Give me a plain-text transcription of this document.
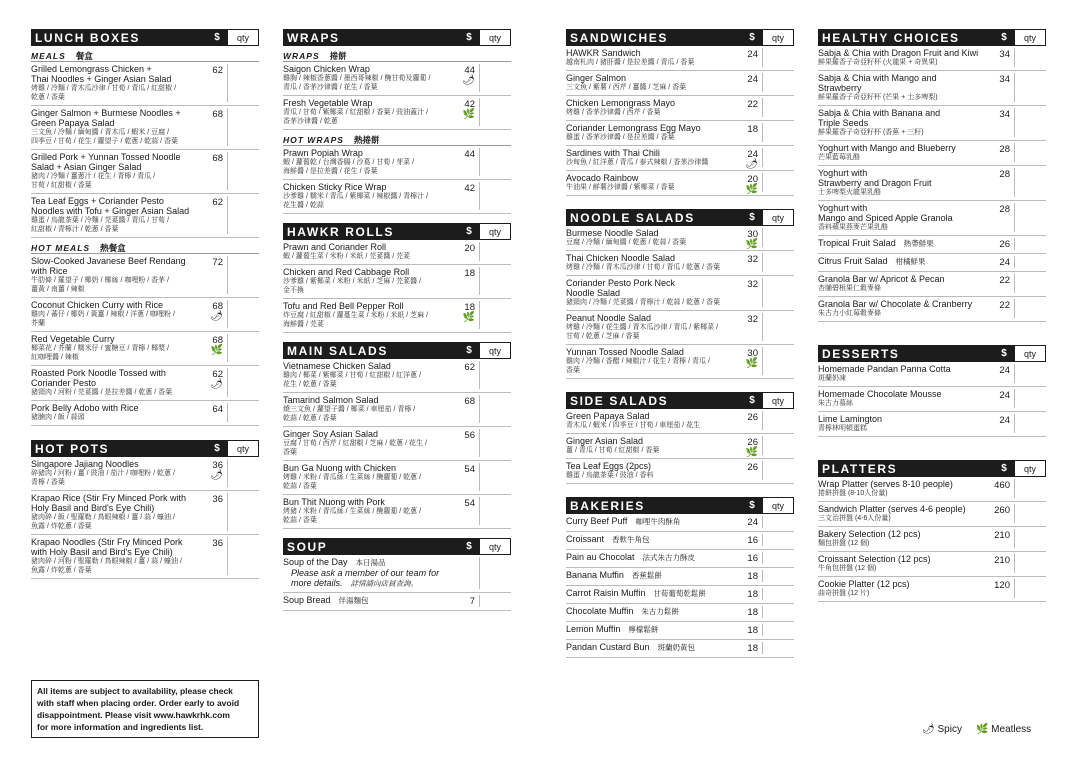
LUNCH BOXES	$	qty
MEALS 餐盒
Grilled Lemongrass Chicken +
Thai Noodles + Ginger Asian Salad
烤雞 / 冷麵 / 青木瓜沙律 / 甘荀 / 青瓜 / 紅甜椒 /
乾蔥 / 香葉
62
Ginger Salmon + Burmese Noodles +
Green Papaya Salad
三文魚 / 冷麵 / 緬甸醬 / 青木瓜 / 蝦米 / 豆腐 /
四季豆 / 甘荀 / 花生 / 蘿望子 / 乾蔥 / 乾蒜 / 香葉
68
Grilled Pork + Yunnan Tossed Noodle
Salad + Asian Ginger Salad
豬肉 / 冷麵 / 薑蔥汁 / 花生 / 青檸 / 青瓜 /
甘荀 / 紅甜椒 / 香葉
68
Tea Leaf Eggs + Coriander Pesto
Noodles with Tofu + Ginger Asian Salad
雞蛋 / 烏龍茶葉 / 冷麵 / 芫荽醬 / 青瓜 / 甘荀 /
紅甜椒 / 青檸汁 / 乾蔥 / 香葉
62
HOT MEALS 熱餐盒
Slow-Cooked Javanese Beef Rendang
with Rice
牛肋條 / 羅望子 / 椰奶 / 椰絲 / 咖哩粉 / 香茅 /
薑黃 / 南薑 / 辣椒
72
Coconut Chicken Curry with Rice
雞肉 / 蕃仔 / 椰奶 / 黃薑 / 辣椒 / 洋蔥 / 咖哩粉 /
芥蘭
68
🌶
Red Vegetable Curry
椰菜花 / 芥蘭 / 糯米仔 / 蜜糖豆 / 青檸 / 椰漿 /
紅咖哩醬 / 辣椒
68
🌿
Roasted Pork Noodle Tossed with
Coriander Pesto
豬頸肉 / 河粉 / 芫荽醬 / 是拉差醬 / 乾蔥 / 香葉
62
🌶
Pork Belly Adobo with Rice
豬腩肉 / 飯 / 蒜頭
64
HOT POTS	$	qty
Singapore Jajiang Noodles
碎豬肉 / 河粉 / 薑 / 豉油 / 茄汁 / 咖哩粉 / 乾蔥 /
青檸 / 香葉
36
🌶
Krapao Rice (Stir Fry Minced Pork with
Holy Basil and Bird's Eye Chili)
豬肉碎 / 飯 / 聖羅勒 / 鳥眼辣椒 / 薑 / 蒜 / 蠔油 /
魚露 / 炸乾蔥 / 香葉
36
Krapao Noodles (Stir Fry Minced Pork
with Holy Basil and Bird's Eye Chili)
豬肉碎 / 河粉 / 聖羅勒 / 鳥眼辣椒 / 薑 / 蒜 / 蠔油 /
魚露 / 炸乾蔥 / 香葉
36
All items are subject to availability, please check
with staff when placing order. Order early to avoid
disappointment. Please visit www.hawkrhk.com
for more information and ingredients list.
WRAPS	$	qty
WRAPS 捲餅
Saigon Chicken Wrap
雞胸 / 辣椒香蔥醬 / 墨西哥辣椒 / 醃甘荀及蘿蔔 /
青瓜 / 香茅沙律醬 / 花生 / 香葉
44
🌶
Fresh Vegetable Wrap
青瓜 / 甘荀 / 紫椰菜 / 紅甜椒 / 香葉 / 豉油蓋汁 /
香茅沙律醬 / 乾蔥
42
🌿
HOT WRAPS 熱捲餅
Prawn Popiah Wrap
蝦 / 蘿蔔乾 / 台灣香腸 / 沙葛 / 甘荀 / 芽菜 /
海鮮醬 / 是拉差醬 / 花生 / 香葉
44
Chicken Sticky Rice Wrap
沙爹雞 / 糯米 / 青瓜 / 紫椰菜 / 辣椒醬 / 青檸汁 /
花生醬 / 乾蒜
42
HAWKR ROLLS	$	qty
Prawn and Coriander Roll
蝦 / 蘿蔔生菜 / 米粉 / 米紙 / 芫荽醬 / 芫荽
20
Chicken and Red Cabbage Roll
沙爹雞 / 紫椰菜 / 米粉 / 米紙 / 芝麻 / 芫荽醬 /
金不換
18
Tofu and Red Bell Pepper Roll
炸豆腐 / 紅甜椒 / 蘿蔓生菜 / 米粉 / 米紙 / 芝麻 /
海鮮醬 / 芫荽
18
🌿
MAIN SALADS	$	qty
Vietnamese Chicken Salad
雞肉 / 椰菜 / 紫椰菜 / 甘荀 / 紅甜椒 / 紅洋蔥 /
花生 / 乾蔥 / 香葉
62
Tamarind Salmon Salad
燒三文魚 / 蘿望子醬 / 椰菜 / 車厘茄 / 青檸 /
乾蒜 / 乾蔥 / 香葉
68
Ginger Soy Asian Salad
豆腐 / 甘荀 / 西芹 / 紅甜椒 / 芝麻 / 乾蔥 / 花生 /
香葉
56
Bun Ga Nuong with Chicken
烤雞 / 米粉 / 青瓜絲 / 生菜絲 / 醃蘿蔔 / 乾蔥 /
乾蒜 / 香葉
54
Bun Thit Nuong with Pork
烤豬 / 米粉 / 青瓜絲 / 生菜絲 / 醃蘿蔔 / 乾蔥 /
乾蒜 / 香葉
54
SOUP	$	qty
Soup of the Day 本日湯品
Please ask a member of our team for
more details. 詳情請向店員查詢。
Soup Bread 伴湯麵包	7
SANDWICHES	$	qty
HAWKR Sandwich
越南札肉 / 豬肝醬 / 是拉差醬 / 青瓜 / 香葉
24
Ginger Salmon
三文魚 / 紫薯 / 西芹 / 薑醬 / 芝麻 / 香葉
24
Chicken Lemongrass Mayo
烤雞 / 香茅沙律醬 / 西芹 / 香葉
22
Coriander Lemongrass Egg Mayo
雞蛋 / 香茅沙律醬 / 是拉差醬 / 香葉
18
Sardines with Thai Chili
沙甸魚 / 紅洋蔥 / 青瓜 / 泰式辣椒 / 香茅沙律醬
24
🌶
Avocado Rainbow
牛油果 / 鮮薯沙律醬 / 紫椰菜 / 香葉
20
🌿
NOODLE SALADS	$	qty
Burmese Noodle Salad
豆腐 / 冷麵 / 緬甸醬 / 乾蔥 / 乾蒜 / 香葉
30
🌿
Thai Chicken Noodle Salad
烤雞 / 冷麵 / 青木瓜沙律 / 甘荀 / 青瓜 / 乾蔥 / 香葉
32
Coriander Pesto Pork Neck
Noodle Salad
豬頸肉 / 冷麵 / 芫荽醬 / 青檸汁 / 乾蒜 / 乾蔥 / 香葉
32
Peanut Noodle Salad
烤雞 / 冷麵 / 花生醬 / 青木瓜沙律 / 青瓜 / 紫椰菜 /
甘荀 / 乾蔥 / 芝麻 / 香葉
32
Yunnan Tossed Noodle Salad
雞肉 / 冷麵 / 香醋 / 辣椒汁 / 花生 / 青檸 / 青瓜 /
香葉
30
🌿
SIDE SALADS	$	qty
Green Papaya Salad
青木瓜 / 蝦米 / 四季豆 / 甘荀 / 車厘茄 / 花生
26
Ginger Asian Salad
薑 / 青瓜 / 甘荀 / 紅甜椒 / 香葉
26
🌿
Tea Leaf Eggs (2pcs)
雞蛋 / 烏龍茶葉 / 豉油 / 香料
26
BAKERIES	$	qty
Curry Beef Puff 咖哩牛肉酥角	24
Croissant 香軟牛角包	16
Pain au Chocolat 法式朱古力酥皮	16
Banana Muffin 香蕉鬆餅	18
Carrot Raisin Muffin 甘荀葡萄乾鬆餅	18
Chocolate Muffin 朱古力鬆餅	18
Lemon Muffin 檸檬鬆餅	18
Pandan Custard Bun 斑蘭奶黃包	18
HEALTHY CHOICES	$	qty
Sabja & Chia with Dragon Fruit and Kiwi
鮮果羅香子奇亞籽杯 (火龍果 + 奇異果)
34
Sabja & Chia with Mango and
Strawberry
鮮果羅香子奇亞籽杯 (芒果 + 士多啤梨)
34
Sabja & Chia with Banana and
Triple Seeds
鮮果羅香子奇亞籽杯 (香蕉 + 三籽)
34
Yoghurt with Mango and Blueberry
芒果藍莓乳酪
28
Yoghurt with
Strawberry and Dragon Fruit
士多啤梨火龍果乳酪
28
Yoghurt with
Mango and Spiced Apple Granola
香料蘋果燕麥芒果乳酪
28
Tropical Fruit Salad 熱帶鮮果	26
Citrus Fruit Salad 柑橘鮮果	24
Granola Bar w/ Apricot & Pecan
杏脯碧根果仁穀麥條
22
Granola Bar w/ Chocolate & Cranberry
朱古力小紅莓穀麥條
22
DESSERTS	$	qty
Homemade Pandan Panna Cotta
斑蘭奶凍
24
Homemade Chocolate Mousse
朱古力慕絲
24
Lime Lamington
青檸林明頓蛋糕
24
PLATTERS	$	qty
Wrap Platter (serves 8-10 people)
捲餅拼盤 (8-10人份量)
460
Sandwich Platter (serves 4-6 people)
三文治拼盤 (4-6人份量)
260
Bakery Selection (12 pcs)
麵包拼盤 (12 個)
210
Croissant Selection (12 pcs)
牛角包拼盤 (12 個)
210
Cookie Platter (12 pcs)
曲奇拼盤 (12 片)
120
🌶 Spicy 🌿 Meatless
